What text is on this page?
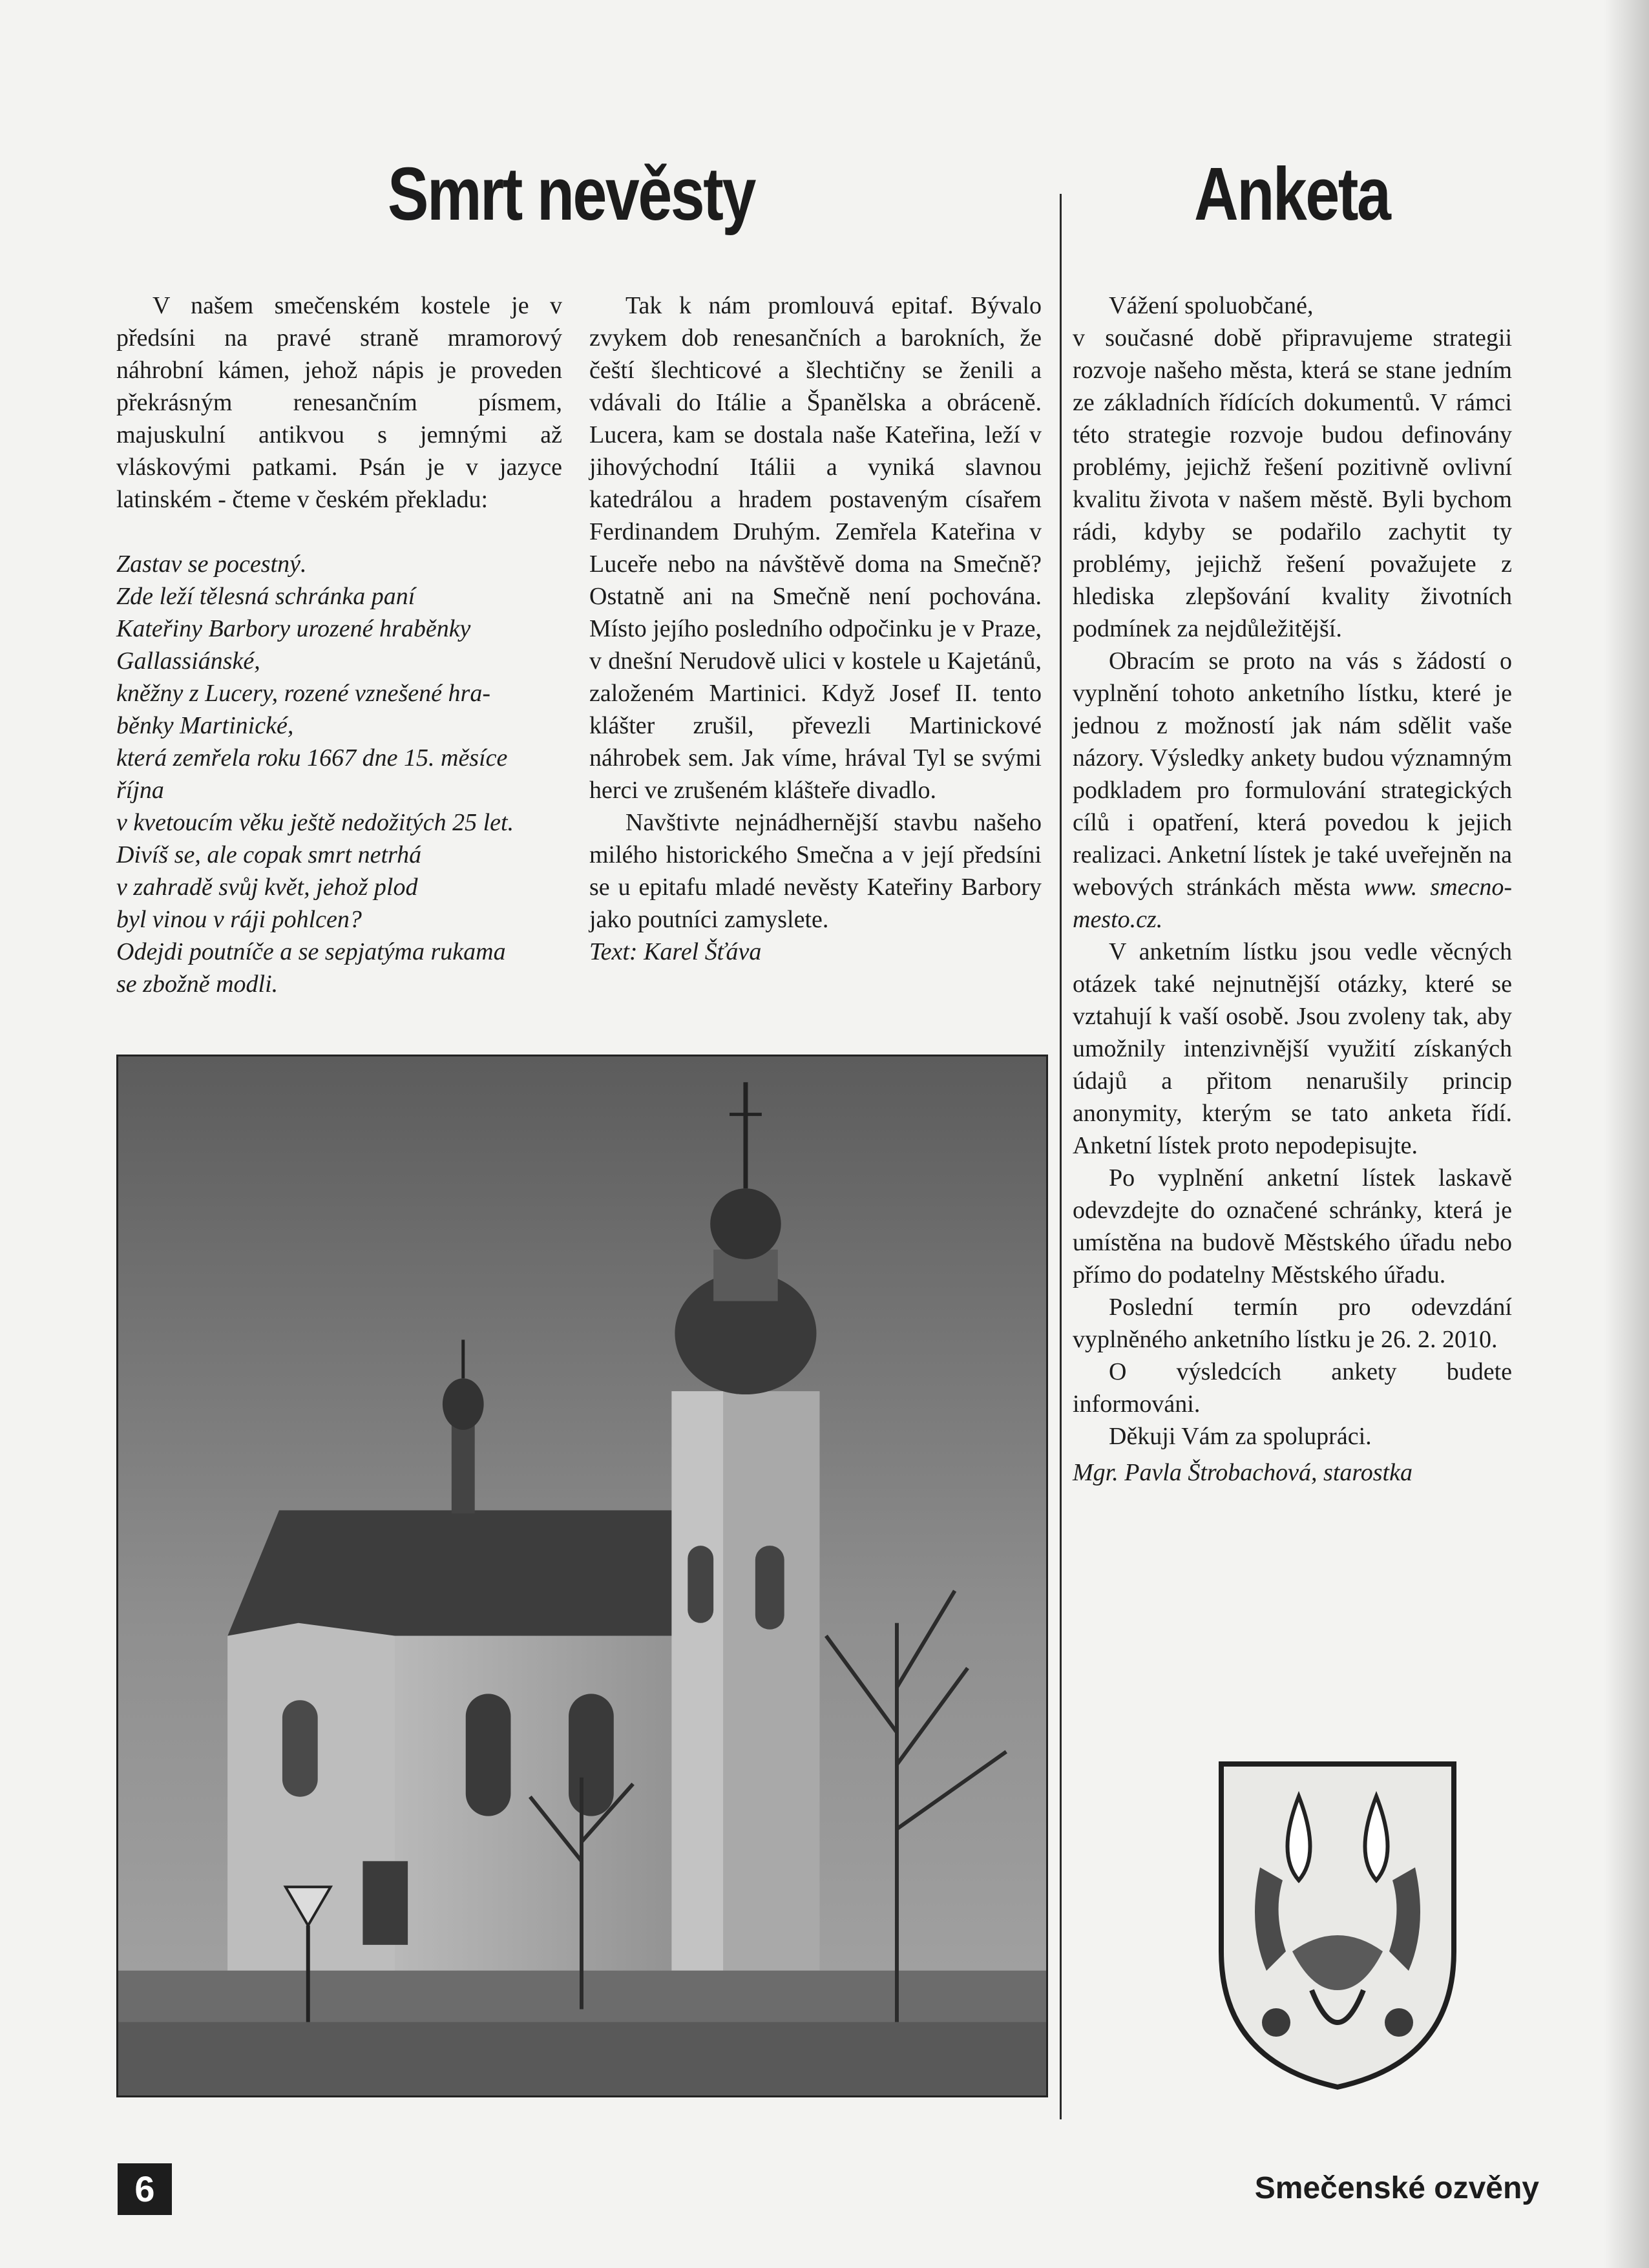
Smrt nevěsty	Anketa

V našem smečenském kostele je v předsíni na pravé straně mramorový náhrobní kámen, jehož nápis je proveden překrásným renesančním písmem, majuskulní antikvou s jemnými až vláskovými patkami. Psán je v jazyce latinském - čteme v českém překladu:

Zastav se pocestný.

Zde leží tělesná schránka paní

Kateřiny Barbory urozené hraběnky

Gallassiánské,

kněžny z Lucery, rozené vznešené hra-

běnky Martinické,

která zemřela roku 1667 dne 15. měsíce

října

v kvetoucím věku ještě nedožitých 25 let.

Divíš se, ale copak smrt netrhá

v zahradě svůj květ, jehož plod

byl vinou v ráji pohlcen?

Odejdi poutníče a se sepjatýma rukama

se zbožně modli.

Tak k nám promlouvá epitaf. Bývalo zvykem dob renesančních a barokních, že čeští šlechticové a šlechtičny se ženili a vdávali do Itálie a Španělska a obráceně. Lucera, kam se dostala naše Kateřina, leží v jihovýchodní Itálii a vyniká slavnou katedrálou a hradem postaveným císařem Ferdinandem Druhým. Zemřela Kateřina v Luceře nebo na návštěvě doma na Smečně? Ostatně ani na Smečně není pochována. Místo jejího posledního odpočinku je v Praze, v dnešní Nerudově ulici v kostele u Kajetánů, založeném Martinici. Když Josef II. tento klášter zrušil, převezli Martinickové náhrobek sem. Jak víme, hrával Tyl se svými herci ve zrušeném klášteře divadlo.

Navštivte nejnádhernější stavbu našeho milého historického Smečna a v její předsíni se u epitafu mladé nevěsty Kateřiny Barbory jako poutníci zamyslete.

Text: Karel Šťáva

Vážení spoluobčané,

v současné době připravujeme strategii rozvoje našeho města, která se stane jedním ze základních řídících dokumentů. V rámci této strategie rozvoje budou definovány problémy, jejichž řešení pozitivně ovlivní kvalitu života v našem městě. Byli bychom rádi, kdyby se podařilo zachytit ty problémy, jejichž řešení považujete z hlediska zlepšování kvality životních podmínek za nejdůležitější.

Obracím se proto na vás s žádostí o vyplnění tohoto anketního lístku, které je jednou z možností jak nám sdělit vaše názory. Výsledky ankety budou významným podkladem pro formulování strategických cílů i opatření, která povedou k jejich realizaci. Anketní lístek je také uveřejněn na webových stránkách města www. smecno-mesto.cz.

V anketním lístku jsou vedle věcných otázek také nejnutnější otázky, které se vztahují k vaší osobě. Jsou zvoleny tak, aby umožnily intenzivnější využití získaných údajů a přitom nenarušily princip anonymity, kterým se tato anketa řídí. Anketní lístek proto nepodepisujte.

Po vyplnění anketní lístek laskavě odevzdejte do označené schránky, která je umístěna na budově Městského úřadu nebo přímo do podatelny Městského úřadu.

Poslední termín pro odevzdání vyplněného anketního lístku je 26. 2. 2010.

O výsledcích ankety budete informováni.

Děkuji Vám za spolupráci.

Mgr. Pavla Štrobachová, starostka

6	Smečenské ozvěny
